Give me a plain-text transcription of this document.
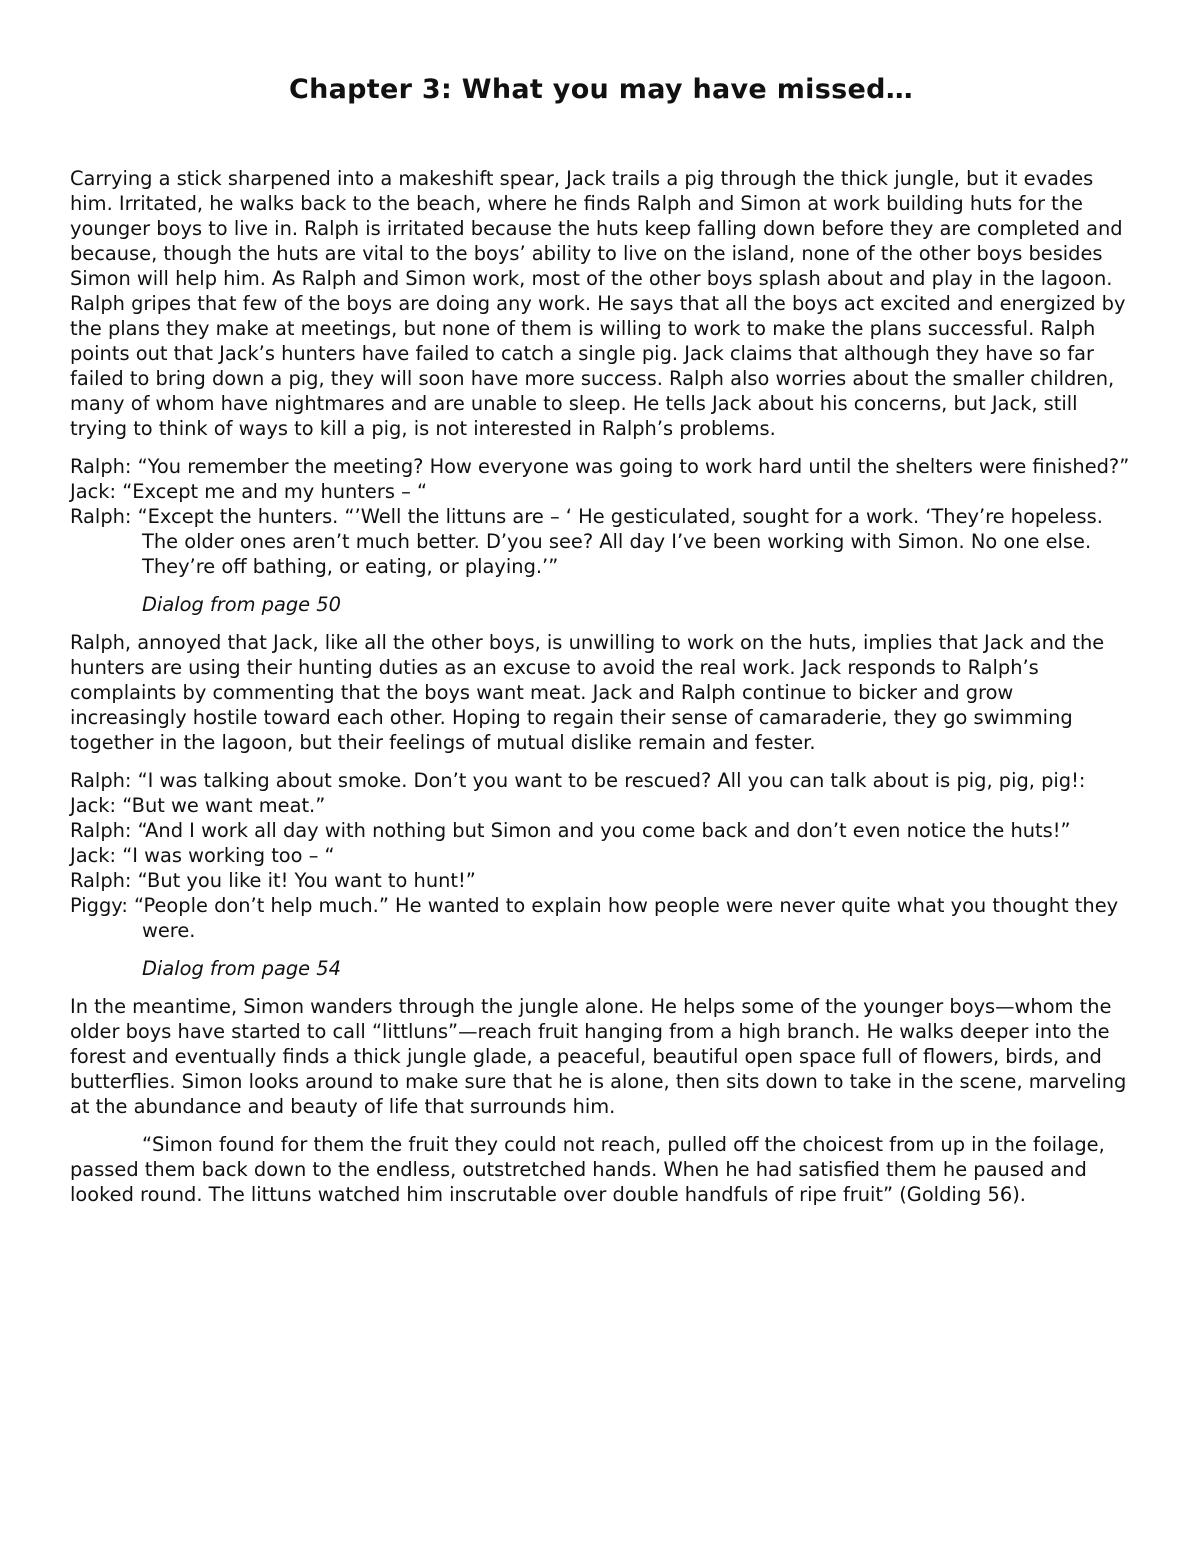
Chapter 3: What you may have missed…

Carrying a stick sharpened into a makeshift spear, Jack trails a pig through the thick jungle, but it evades him. Irritated, he walks back to the beach, where he finds Ralph and Simon at work building huts for the younger boys to live in. Ralph is irritated because the huts keep falling down before they are completed and because, though the huts are vital to the boys’ ability to live on the island, none of the other boys besides Simon will help him. As Ralph and Simon work, most of the other boys splash about and play in the lagoon. Ralph gripes that few of the boys are doing any work. He says that all the boys act excited and energized by the plans they make at meetings, but none of them is willing to work to make the plans successful. Ralph points out that Jack’s hunters have failed to catch a single pig. Jack claims that although they have so far failed to bring down a pig, they will soon have more success. Ralph also worries about the smaller children, many of whom have nightmares and are unable to sleep. He tells Jack about his concerns, but Jack, still trying to think of ways to kill a pig, is not interested in Ralph’s problems.

Ralph: “You remember the meeting? How everyone was going to work hard until the shelters were finished?”
Jack: “Except me and my hunters – “
Ralph: “Except the hunters. “’Well the littuns are – ‘ He gesticulated, sought for a work. ‘They’re hopeless. The older ones aren’t much better. D’you see? All day I’ve been working with Simon. No one else. They’re off bathing, or eating, or playing.’”
Dialog from page 50

Ralph, annoyed that Jack, like all the other boys, is unwilling to work on the huts, implies that Jack and the hunters are using their hunting duties as an excuse to avoid the real work. Jack responds to Ralph’s complaints by commenting that the boys want meat. Jack and Ralph continue to bicker and grow increasingly hostile toward each other. Hoping to regain their sense of camaraderie, they go swimming together in the lagoon, but their feelings of mutual dislike remain and fester.

Ralph: “I was talking about smoke. Don’t you want to be rescued? All you can talk about is pig, pig, pig!:
Jack: “But we want meat.”
Ralph: “And I work all day with nothing but Simon and you come back and don’t even notice the huts!”
Jack: “I was working too – “
Ralph: “But you like it! You want to hunt!”
Piggy: “People don’t help much.” He wanted to explain how people were never quite what you thought they were.
Dialog from page 54

In the meantime, Simon wanders through the jungle alone. He helps some of the younger boys—whom the older boys have started to call “littluns”—reach fruit hanging from a high branch. He walks deeper into the forest and eventually finds a thick jungle glade, a peaceful, beautiful open space full of flowers, birds, and butterflies. Simon looks around to make sure that he is alone, then sits down to take in the scene, marveling at the abundance and beauty of life that surrounds him.

“Simon found for them the fruit they could not reach, pulled off the choicest from up in the foilage, passed them back down to the endless, outstretched hands. When he had satisfied them he paused and looked round. The littuns watched him inscrutable over double handfuls of ripe fruit” (Golding 56).
